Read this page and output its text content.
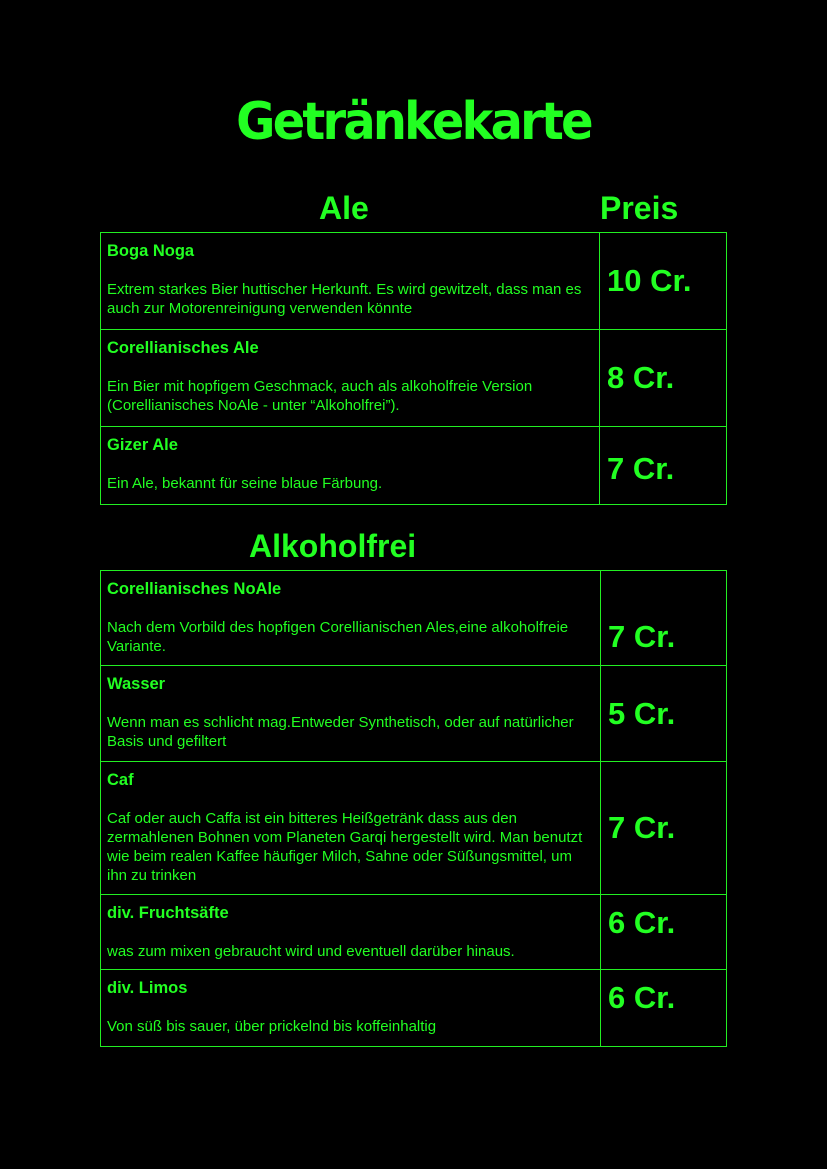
Getränkekarte
Ale	Preis
Boga Noga
Extrem starkes Bier huttischer Herkunft. Es wird gewitzelt, dass man es auch zur Motorenreinigung verwenden könnte	10 Cr.

Corellianisches Ale
Ein Bier mit hopfigem Geschmack, auch als alkoholfreie Version (Corellianisches NoAle - unter “Alkoholfrei”).	8 Cr.

Gizer Ale
Ein Ale, bekannt für seine blaue Färbung.	7 Cr.
Alkoholfrei
Corellianisches NoAle
Nach dem Vorbild des hopfigen Corellianischen Ales,eine alkoholfreie Variante.	7 Cr.

Wasser
Wenn man es schlicht mag.Entweder Synthetisch, oder auf natürlicher Basis und gefiltert	5 Cr.

Caf
Caf oder auch Caffa ist ein bitteres Heißgetränk dass aus den zermahlenen Bohnen vom Planeten Garqi hergestellt wird. Man benutzt wie beim realen Kaffee häufiger Milch, Sahne oder Süßungsmittel, um ihn zu trinken	7 Cr.

div. Fruchtsäfte
was zum mixen gebraucht wird und eventuell darüber hinaus.	6 Cr.

div. Limos
Von süß bis sauer, über prickelnd bis koffeinhaltig	6 Cr.
